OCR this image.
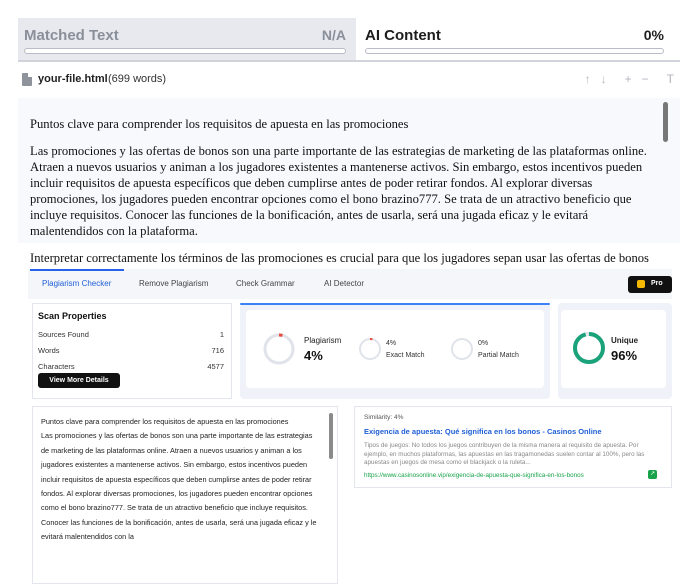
Matched Text	N/A AI Content	0%
your-file.html (699 words)	↑ ↓ + − T

Puntos clave para comprender los requisitos de apuesta en las promociones

Las promociones y las ofertas de bonos son una parte importante de las estrategias de marketing de las plataformas online. Atraen a nuevos usuarios y animan a los jugadores existentes a mantenerse activos. Sin embargo, estos incentivos pueden incluir requisitos de apuesta específicos que deben cumplirse antes de poder retirar fondos. Al explorar diversas promociones, los jugadores pueden encontrar opciones como el bono brazino777. Se trata de un atractivo beneficio que incluye requisitos. Conocer las funciones de la bonificación, antes de usarla, será una jugada eficaz y le evitará malentendidos con la plataforma.

Interpretar correctamente los términos de las promociones es crucial para que los jugadores sepan usar las ofertas de bonos

Plagiarism Checker	Remove Plagiarism	Check Grammar	AI Detector	Pro
Scan Properties
Sources Found	1
Words	716
Characters	4577
View More Details
Plagiarism
4%
4%
Exact Match
0%
Partial Match
Unique
96%
Puntos clave para comprender los requisitos de apuesta en las promociones
Las promociones y las ofertas de bonos son una parte importante de las estrategias de marketing de las plataformas online. Atraen a nuevos usuarios y animan a los jugadores existentes a mantenerse activos. Sin embargo, estos incentivos pueden incluir requisitos de apuesta específicos que deben cumplirse antes de poder retirar fondos. Al explorar diversas promociones, los jugadores pueden encontrar opciones como el bono brazino777. Se trata de un atractivo beneficio que incluye requisitos. Conocer las funciones de la bonificación, antes de usarla, será una jugada eficaz y le evitará malentendidos con la
Similarity: 4%
Exigencia de apuesta: Qué significa en los bonos - Casinos Online
Tipos de juegos: No todos los juegos contribuyen de la misma manera al requisito de apuesta. Por ejemplo, en muchos plataformas, las apuestas en las tragamonedas suelen contar al 100%, pero las apuestas en juegos de mesa como el blackjack o la ruleta...
https://www.casinosonline.vip/exigencia-de-apuesta-que-significa-en-los-bonos	↗
